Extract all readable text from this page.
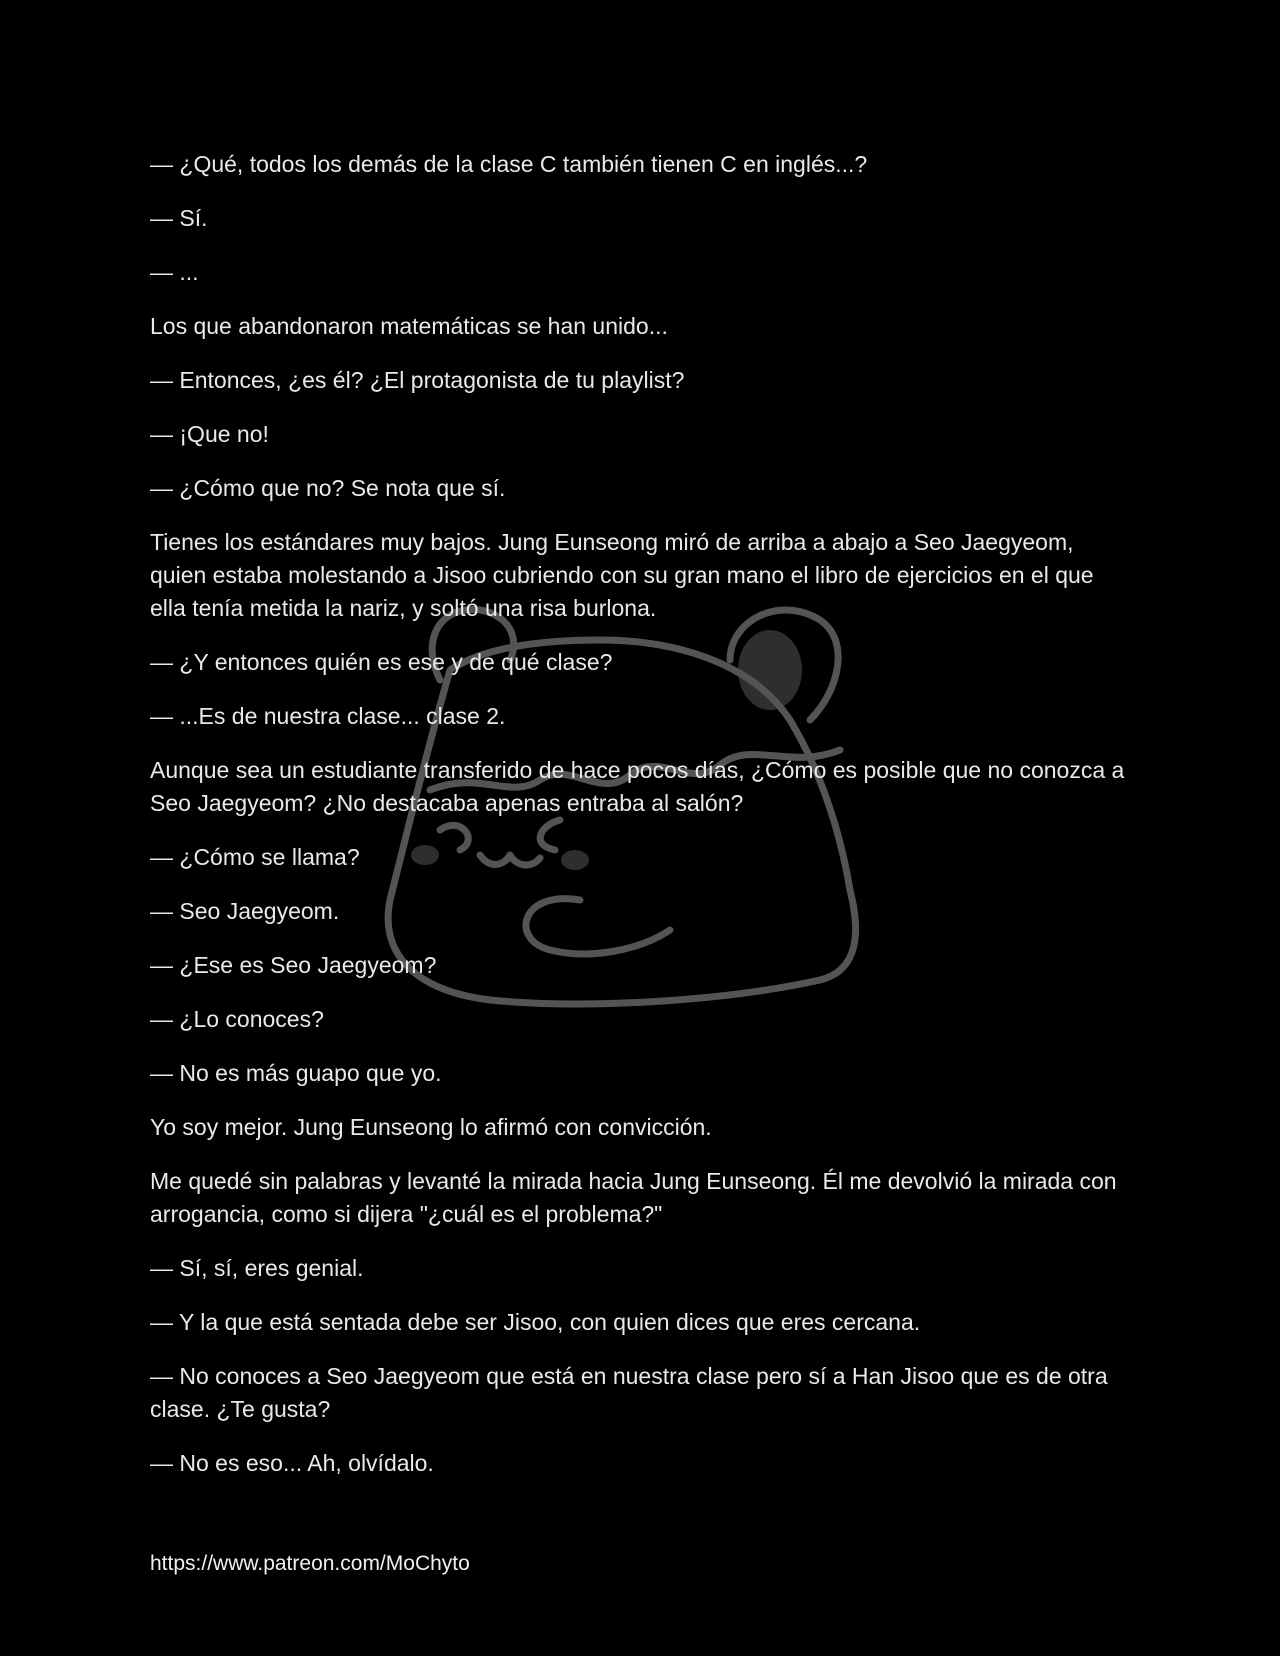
— ¿Qué, todos los demás de la clase C también tienen C en inglés...?

— Sí.

— ...

Los que abandonaron matemáticas se han unido...

— Entonces, ¿es él? ¿El protagonista de tu playlist?

— ¡Que no!

— ¿Cómo que no? Se nota que sí.

Tienes los estándares muy bajos. Jung Eunseong miró de arriba a abajo a Seo Jaegyeom, quien estaba molestando a Jisoo cubriendo con su gran mano el libro de ejercicios en el que ella tenía metida la nariz, y soltó una risa burlona.

— ¿Y entonces quién es ese y de qué clase?

— ...Es de nuestra clase... clase 2.

Aunque sea un estudiante transferido de hace pocos días, ¿Cómo es posible que no conozca a Seo Jaegyeom? ¿No destacaba apenas entraba al salón?

— ¿Cómo se llama?

— Seo Jaegyeom.

— ¿Ese es Seo Jaegyeom?

— ¿Lo conoces?

— No es más guapo que yo.

Yo soy mejor. Jung Eunseong lo afirmó con convicción.

Me quedé sin palabras y levanté la mirada hacia Jung Eunseong. Él me devolvió la mirada con arrogancia, como si dijera "¿cuál es el problema?"

— Sí, sí, eres genial.

— Y la que está sentada debe ser Jisoo, con quien dices que eres cercana.

— No conoces a Seo Jaegyeom que está en nuestra clase pero sí a Han Jisoo que es de otra clase. ¿Te gusta?

— No es eso... Ah, olvídalo.

https://www.patreon.com/MoChyto
